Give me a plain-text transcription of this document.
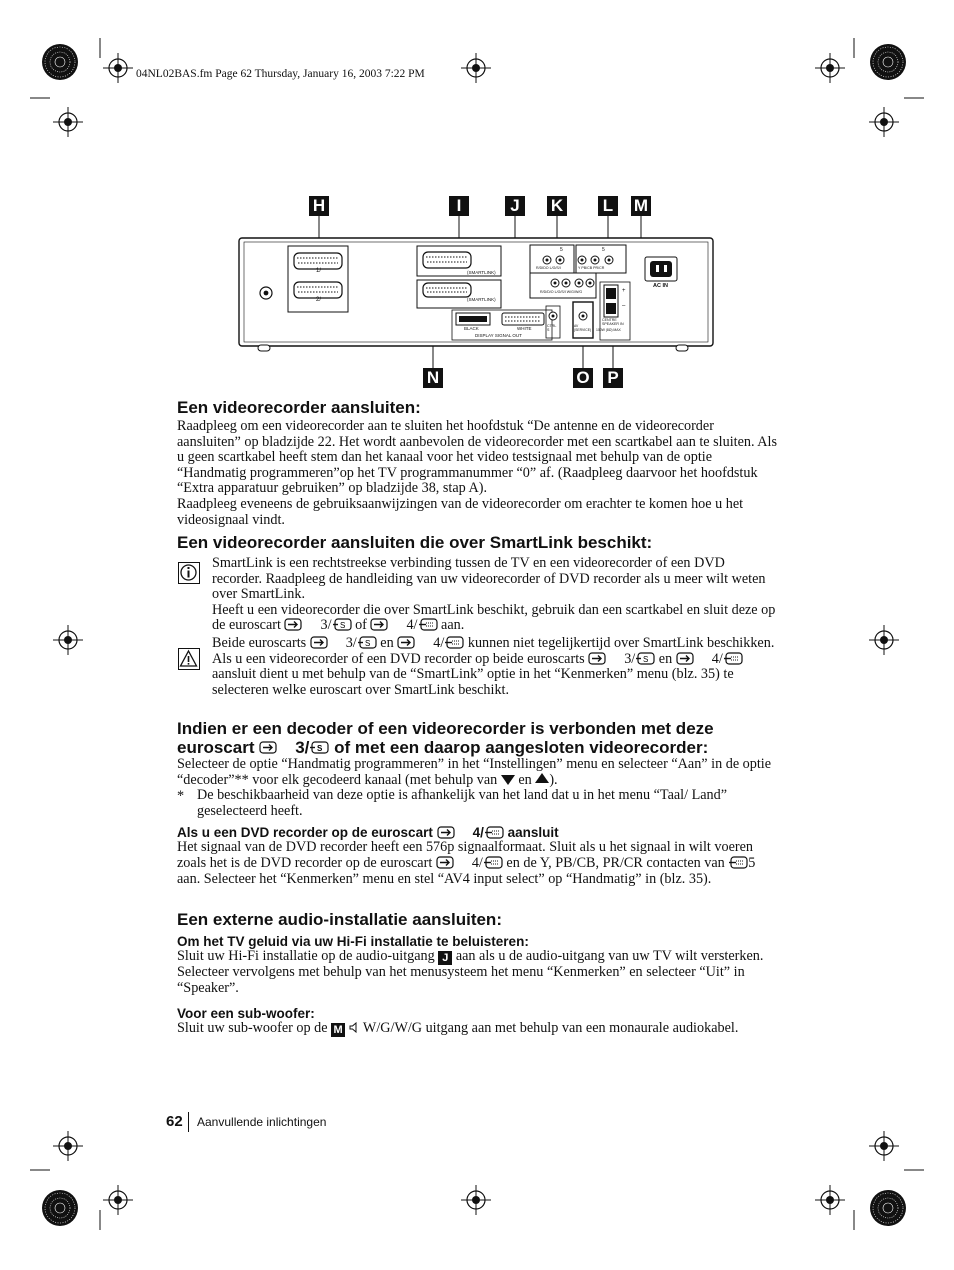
04NL02BAS.fm Page 62 Thursday, January 16, 2003 7:22 PM
H	I	J	K L M
N	O P
1/
2/
(SMARTLINK)
(SMARTLINK)
BLACK	WHITE
DISPLAY SIGNAL OUT
AC IN
5	5
R/DIDO L/G/S/I	Y PB/CB PR/CR
R/D/D/O L/G/S/I W/G/W/G
CENTRE SPEAKER IN
100W (8Ω) MAX
CTRL S
AV (SERVICE)
+
–
Een videorecorder aansluiten:

Raadpleeg om een videorecorder aan te sluiten het hoofdstuk “De antenne en de videorecorder aansluiten” op bladzijde 22. Het wordt aanbevolen de videorecorder met een scartkabel aan te sluiten. Als u geen scartkabel heeft stem dan het kanaal voor het video testsignaal met behulp van de optie “Handmatig programmeren”op het TV programmanummer “0” af. (Raadpleeg daarvoor het hoofdstuk “Extra apparatuur gebruiken” op bladzijde 38, stap A).

Raadpleeg eveneens de gebruiksaanwijzingen van de videorecorder om erachter te komen hoe u het videosignaal vindt.

Een videorecorder aansluiten die over SmartLink beschikt:

SmartLink is een rechtstreekse verbinding tussen de TV en een videorecorder of een DVD recorder. Raadpleeg de handleiding van uw videorecorder of DVD recorder als u meer wilt weten over SmartLink.

Heeft u een videorecorder die over SmartLink beschikt, gebruik dan een scartkabel en sluit deze op de euroscart	3/ S of	4/ aan.

Beide euroscarts	3/ S en	4/ kunnen niet tegelijkertijd over SmartLink beschikken. Als u een videorecorder of een DVD recorder op beide euroscarts	3/ S en	4/ aansluit dient u met behulp van de “SmartLink” optie in het “Kenmerken” menu (blz. 35) te selecteren welke euroscart over SmartLink beschikt.

Indien er een decoder of een videorecorder is verbonden met deze
euroscart 3/ S of met een daarop aangesloten videorecorder:

Selecteer de optie “Handmatig programmeren” in het “Instellingen” menu en selecteer “Aan” in de optie “decoder”** voor elk gecodeerd kanaal (met behulp van en ).

* De beschikbaarheid van deze optie is afhankelijk van het land dat u in het menu “Taal/ Land” geselecteerd heeft.

Als u een DVD recorder op de euroscart	4/ aansluit

Het signaal van de DVD recorder heeft een 576p signaalformaat. Sluit als u het signaal in wilt voeren zoals het is de DVD recorder op de euroscart	4/ en de Y, PB/CB, PR/CR contacten van 5 aan. Selecteer het “Kenmerken” menu en stel “AV4 input select” op “Handmatig” in (blz. 35).

Een externe audio-installatie aansluiten:
Om het TV geluid via uw Hi-Fi installatie te beluisteren:

Sluit uw Hi-Fi installatie op de audio-uitgang J aan als u de audio-uitgang van uw TV wilt versterken. Selecteer vervolgens met behulp van het menusysteem het menu “Kenmerken” en selecteer “Uit” in “Speaker”.

Voor een sub-woofer:

Sluit uw sub-woofer op de M W/G/W/G uitgang aan met behulp van een monaurale audiokabel.

62 Aanvullende inlichtingen
